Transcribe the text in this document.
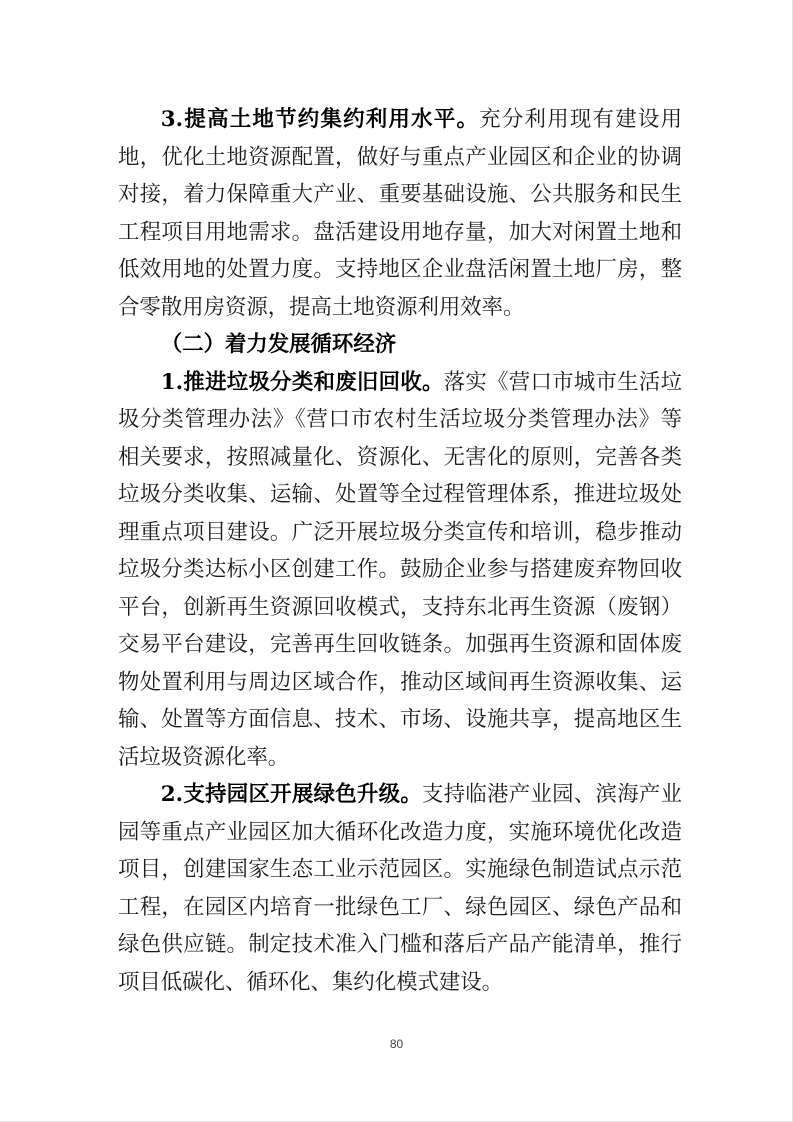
3.提高土地节约集约利用水平。充分利用现有建设用地，优化土地资源配置，做好与重点产业园区和企业的协调对接，着力保障重大产业、重要基础设施、公共服务和民生工程项目用地需求。盘活建设用地存量，加大对闲置土地和低效用地的处置力度。支持地区企业盘活闲置土地厂房，整合零散用房资源，提高土地资源利用效率。

（二）着力发展循环经济

1.推进垃圾分类和废旧回收。落实《营口市城市生活垃圾分类管理办法》《营口市农村生活垃圾分类管理办法》等相关要求，按照减量化、资源化、无害化的原则，完善各类垃圾分类收集、运输、处置等全过程管理体系，推进垃圾处理重点项目建设。广泛开展垃圾分类宣传和培训，稳步推动垃圾分类达标小区创建工作。鼓励企业参与搭建废弃物回收平台，创新再生资源回收模式，支持东北再生资源（废钢）交易平台建设，完善再生回收链条。加强再生资源和固体废物处置利用与周边区域合作，推动区域间再生资源收集、运输、处置等方面信息、技术、市场、设施共享，提高地区生活垃圾资源化率。

2.支持园区开展绿色升级。支持临港产业园、滨海产业园等重点产业园区加大循环化改造力度，实施环境优化改造项目，创建国家生态工业示范园区。实施绿色制造试点示范工程，在园区内培育一批绿色工厂、绿色园区、绿色产品和绿色供应链。制定技术准入门槛和落后产品产能清单，推行项目低碳化、循环化、集约化模式建设。

80
